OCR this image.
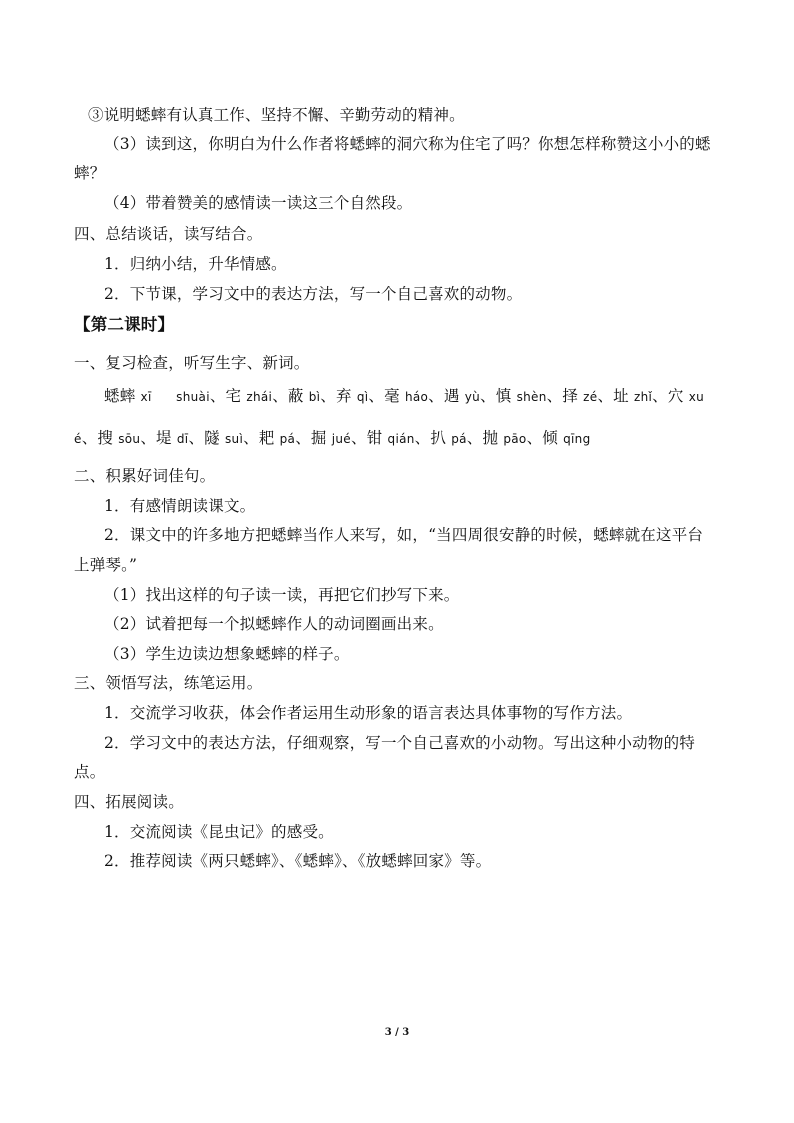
③说明蟋蟀有认真工作、坚持不懈、辛勤劳动的精神。
（3）读到这，你明白为什么作者将蟋蟀的洞穴称为住宅了吗？你想怎样称赞这小小的蟋
蟀？
（4）带着赞美的感情读一读这三个自然段。
四、总结谈话，读写结合。
1．归纳小结，升华情感。
2．下节课，学习文中的表达方法，写一个自己喜欢的动物。
【第二课时】
一、复习检查，听写生字、新词。
蟋蟀 xī　　shuài、宅 zhái、蔽 bì、弃 qì、毫 háo、遇 yù、慎 shèn、择 zé、址 zhǐ、穴 xu
é、搜 sōu、堤 dī、隧 suì、耙 pá、掘 jué、钳 qián、扒 pá、抛 pāo、倾 qīng
二、积累好词佳句。
1．有感情朗读课文。
2．课文中的许多地方把蟋蟀当作人来写，如，“当四周很安静的时候，蟋蟀就在这平台
上弹琴。”
（1）找出这样的句子读一读，再把它们抄写下来。
（2）试着把每一个拟蟋蟀作人的动词圈画出来。
（3）学生边读边想象蟋蟀的样子。
三、领悟写法，练笔运用。
1．交流学习收获，体会作者运用生动形象的语言表达具体事物的写作方法。
2．学习文中的表达方法，仔细观察，写一个自己喜欢的小动物。写出这种小动物的特
点。
四、拓展阅读。
1．交流阅读《昆虫记》的感受。
2．推荐阅读《两只蟋蟀》、《蟋蟀》、《放蟋蟀回家》等。
3 / 3
